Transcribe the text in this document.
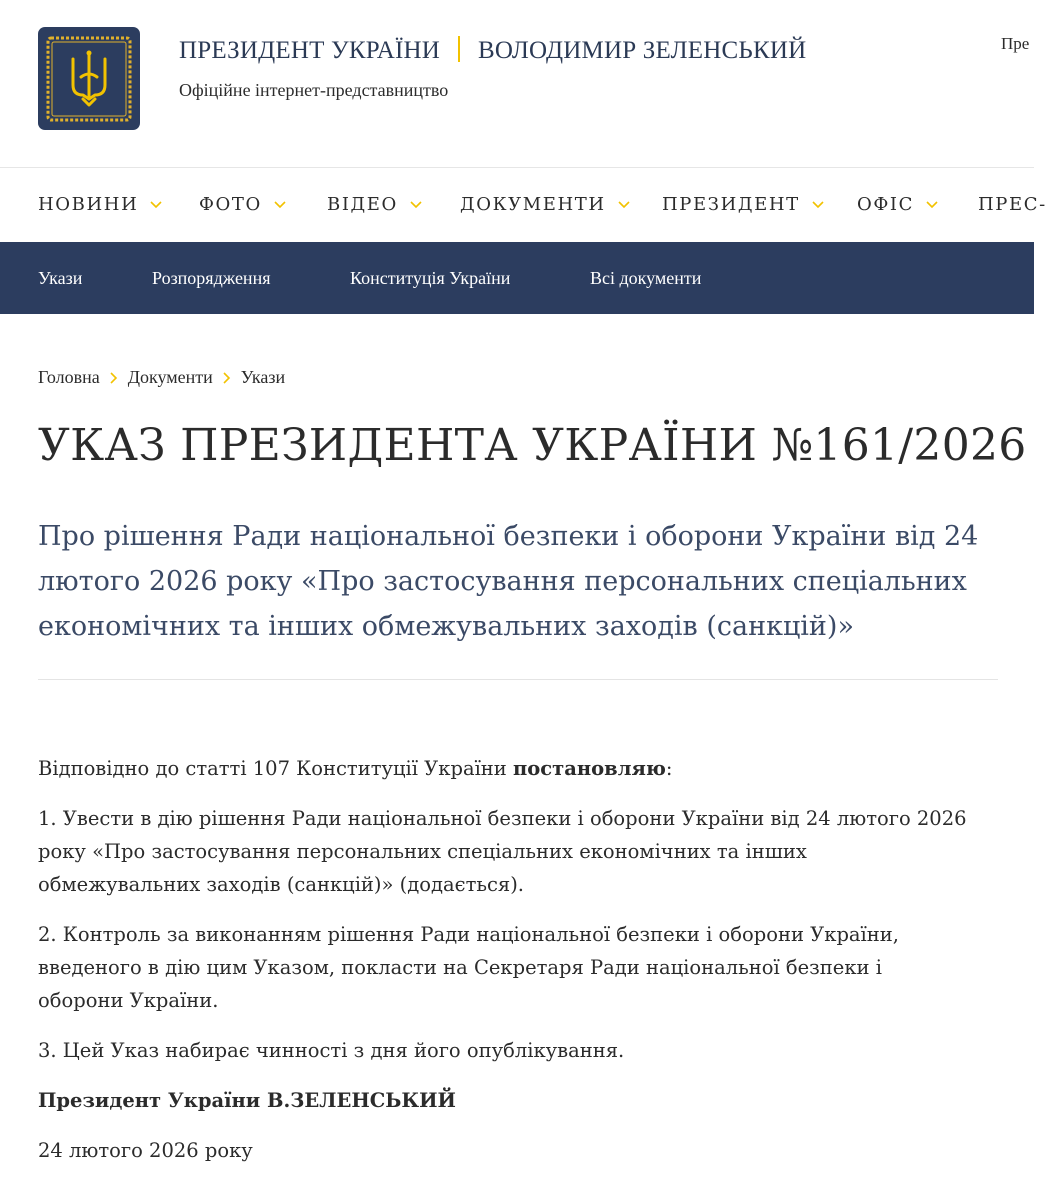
ПРЕЗИДЕНТ УКРАЇНИ ВОЛОДИМИР ЗЕЛЕНСЬКИЙ
Офіційне інтернет-представництво
Пре
НОВИНИ	ФОТО	ВІДЕО	ДОКУМЕНТИ	ПРЕЗИДЕНТ	ОФІС	ПРЕС-
Укази	Розпорядження	Конституція України	Всі документи
Головна Документи Укази
УКАЗ ПРЕЗИДЕНТА УКРАЇНИ №161/2026
Про рішення Ради національної безпеки і оборони України від 24 лютого 2026 року «Про застосування персональних спеціальних економічних та інших обмежувальних заходів (санкцій)»

Відповідно до статті 107 Конституції України постановляю:

1. Увести в дію рішення Ради національної безпеки і оборони України від 24 лютого 2026 року «Про застосування персональних спеціальних економічних та інших обмежувальних заходів (санкцій)» (додається).

2. Контроль за виконанням рішення Ради національної безпеки і оборони України, введеного в дію цим Указом, покласти на Секретаря Ради національної безпеки і оборони України.

3. Цей Указ набирає чинності з дня його опублікування.

Президент України В.ЗЕЛЕНСЬКИЙ

24 лютого 2026 року
